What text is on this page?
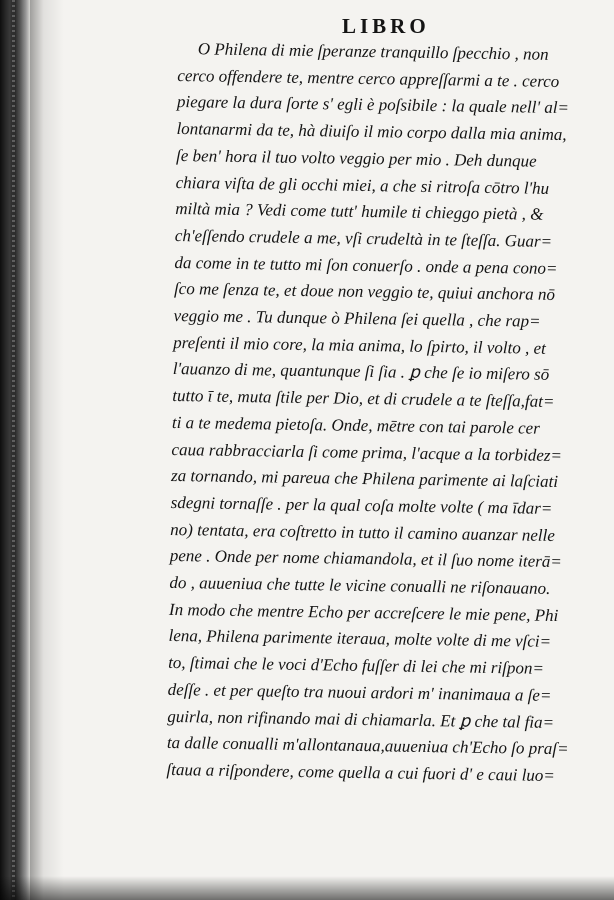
LIBRO

O Philena di mie ſperanze tranquillo ſpecchio , non

cerco offendere te, mentre cerco appreſſarmi a te . cerco

piegare la dura ſorte s' egli è poſsibile : la quale nell' al=

lontanarmi da te, hà diuiſo il mio corpo dalla mia anima,

ſe ben' hora il tuo volto veggio per mio . Deh dunque

chiara viſta de gli occhi miei, a che si ritroſa cōtro l'hu

miltà mia ? Vedi come tutt' humile ti chieggo pietà , &

ch'eſſendo crudele a me, vſi crudeltà in te ſteſſa. Guar=

da come in te tutto mi ſon conuerſo . onde a pena cono=

ſco me ſenza te, et doue non veggio te, quiui anchora nō

veggio me . Tu dunque ò Philena ſei quella , che rap=

preſenti il mio core, la mia anima, lo ſpirto, il volto , et

l'auanzo di me, quantunque ſi ſia . ꝑ che ſe io miſero sō

tutto ī te, muta ſtile per Dio, et di crudele a te ſteſſa,fat=

ti a te medema pietoſa. Onde, mētre con tai parole cer

caua rabbracciarla ſi come prima, l'acque a la torbidez=

za tornando, mi pareua che Philena parimente ai laſciati

sdegni tornaſſe . per la qual coſa molte volte ( ma īdar=

no) tentata, era coſtretto in tutto il camino auanzar nelle

pene . Onde per nome chiamandola, et il ſuo nome iterā=

do , auueniua che tutte le vicine conualli ne riſonauano.

In modo che mentre Echo per accreſcere le mie pene, Phi

lena, Philena parimente iteraua, molte volte di me vſci=

to, ſtimai che le voci d'Echo fuſſer di lei che mi riſpon=

deſſe . et per queſto tra nuoui ardori m' inanimaua a ſe=

guirla, non rifinando mai di chiamarla. Et ꝑ che tal fia=

ta dalle conualli m'allontanaua,auueniua ch'Echo ſo praſ=

ſtaua a riſpondere, come quella a cui fuori d' e caui luo=
